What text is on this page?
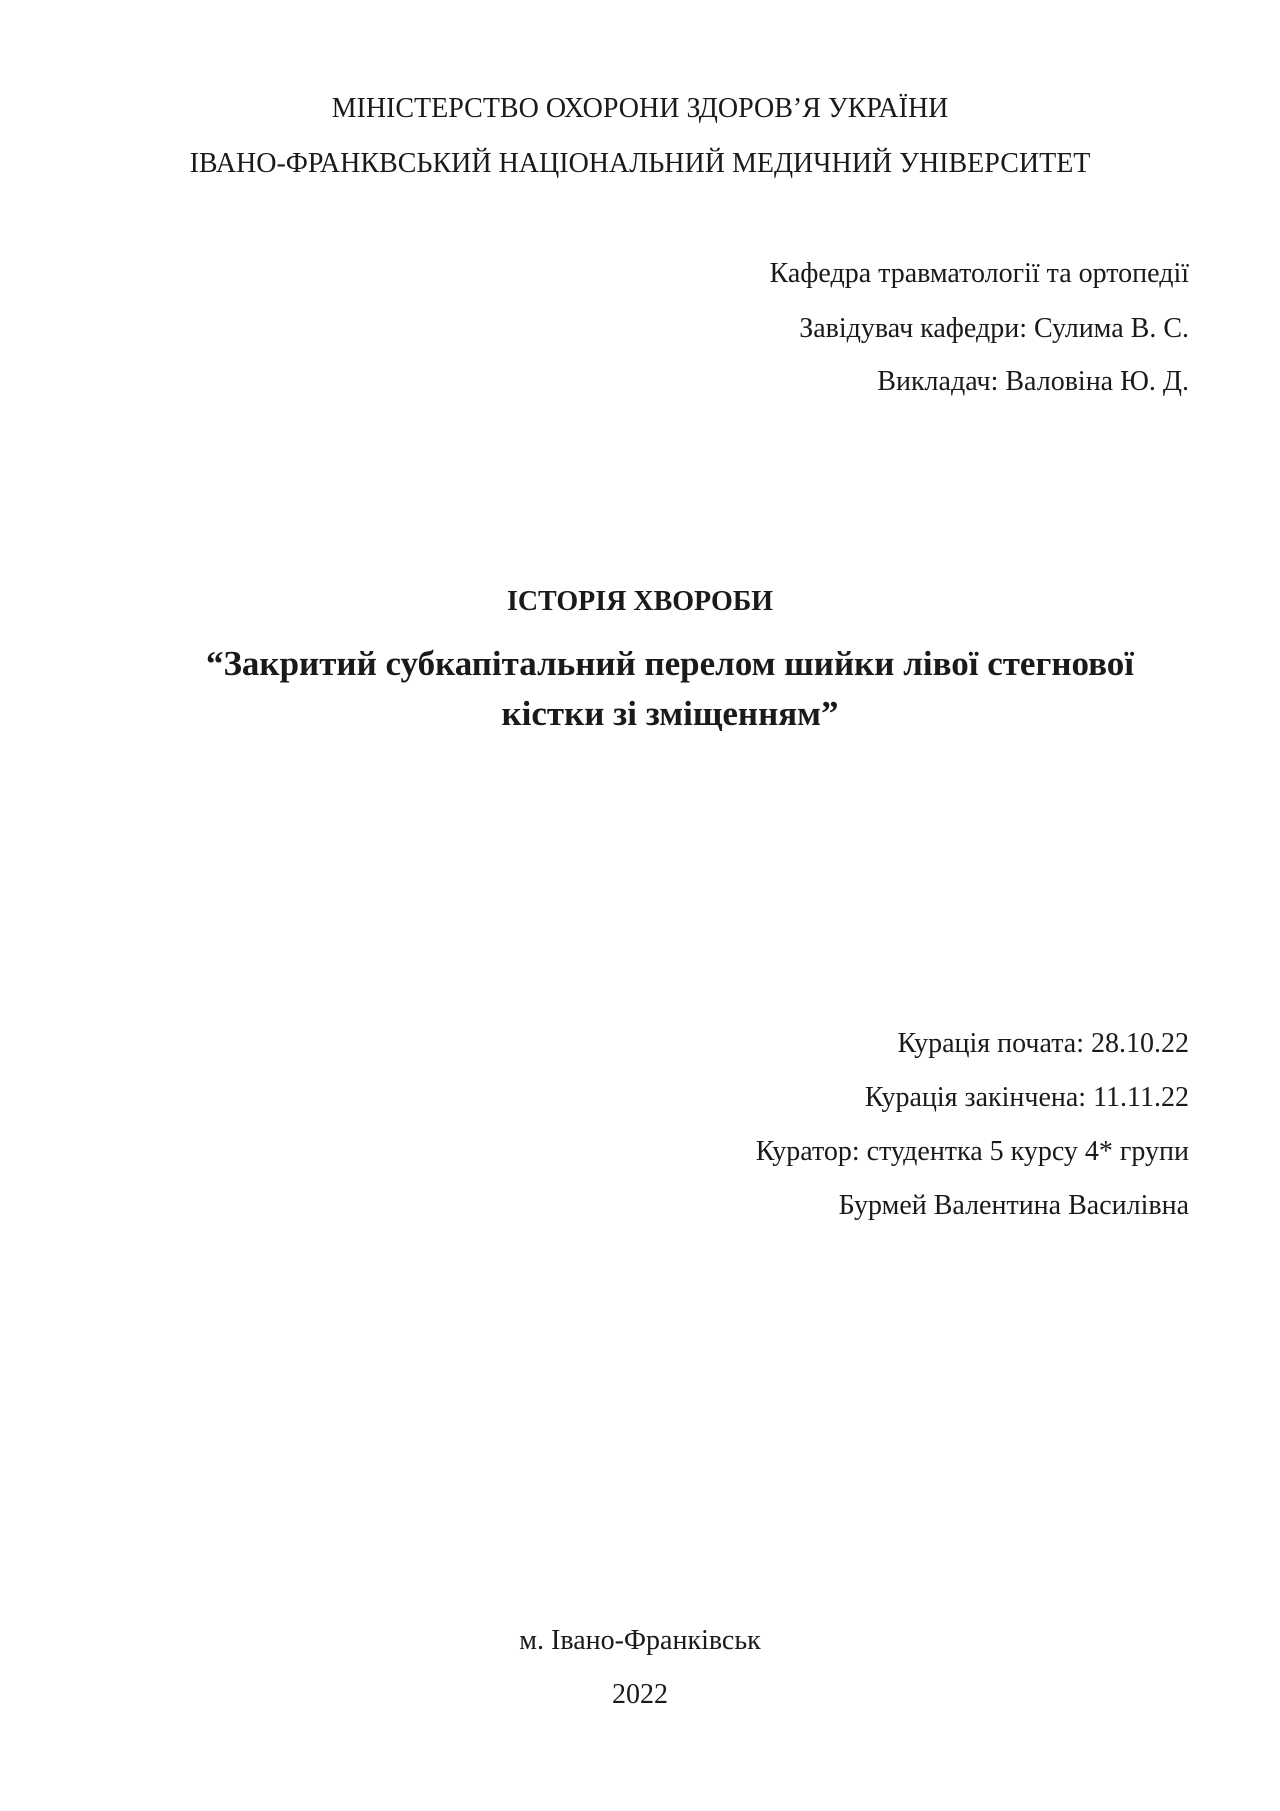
МІНІСТЕРСТВО ОХОРОНИ ЗДОРОВ’Я УКРАЇНИ
ІВАНО-ФРАНКВСЬКИЙ НАЦІОНАЛЬНИЙ МЕДИЧНИЙ УНІВЕРСИТЕТ
Кафедра травматології та ортопедії
Завідувач кафедри: Сулима В. С.
Викладач: Валовіна Ю. Д.
ІСТОРІЯ ХВОРОБИ
“Закритий субкапітальний перелом шийки лівої стегнової
кістки зі зміщенням”
Курація почата: 28.10.22
Курація закінчена: 11.11.22
Куратор: студентка 5 курсу 4* групи
Бурмей Валентина Василівна
м. Івано-Франківськ
2022
